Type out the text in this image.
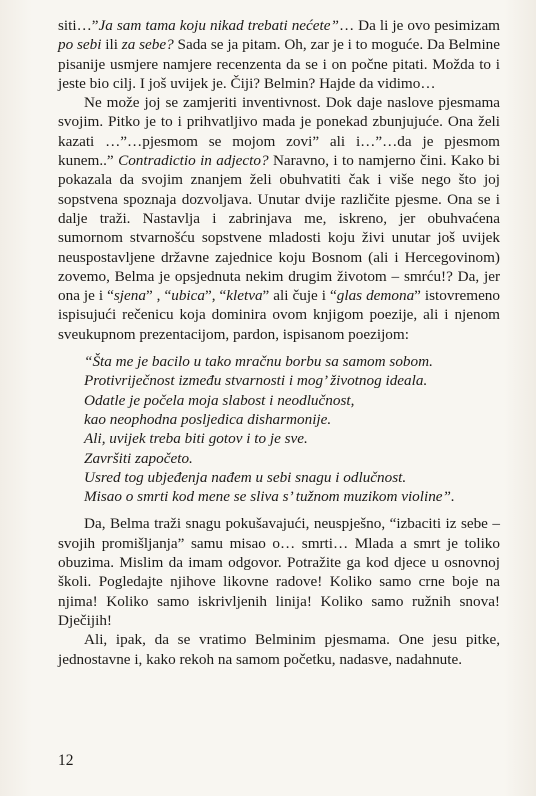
siti…”Ja sam tama koju nikad trebati nećete”… Da li je ovo pesimizam po sebi ili za sebe? Sada se ja pitam. Oh, zar je i to moguće. Da Belmine pisanije usmjere namjere recenzenta da se i on počne pitati. Možda to i jeste bio cilj. I još uvijek je. Čiji? Belmin? Hajde da vidimo…

Ne može joj se zamjeriti inventivnost. Dok daje naslove pjesmama svojim. Pitko je to i prihvatljivo mada je ponekad zbunjujuće. Ona želi kazati …”…pjesmom se mojom zovi” ali i…”…da je pjesmom kunem..” Contradictio in adjecto? Naravno, i to namjerno čini. Kako bi pokazala da svojim znanjem želi obuhvatiti čak i više nego što joj sopstvena spoznaja dozvoljava. Unutar dvije različite pjesme. Ona se i dalje traži. Nastavlja i zabrinjava me, iskreno, jer obuhvaćena sumornom stvarnošću sopstvene mladosti koju živi unutar još uvijek neuspostavljene državne zajednice koju Bosnom (ali i Hercegovinom) zovemo, Belma je opsjednuta nekim drugim životom – smrću!? Da, jer ona je i “sjena” , “ubica”, “kletva” ali čuje i “glas demona” istovremeno ispisujući rečenicu koja dominira ovom knjigom poezije, ali i njenom sveukupnom prezentacijom, pardon, ispisanom poezijom:

“Šta me je bacilo u tako mračnu borbu sa samom sobom.
Protivriječnost između stvarnosti i mog’ životnog ideala.
Odatle je počela moja slabost i neodlučnost,
kao neophodna posljedica disharmonije.
Ali, uvijek treba biti gotov i to je sve.
Završiti započeto.
Usred tog ubjeđenja nađem u sebi snagu i odlučnost.
Misao o smrti kod mene se sliva s’ tužnom muzikom violine”.

Da, Belma traži snagu pokušavajući, neuspješno, “izbaciti iz sebe – svojih promišljanja” samu misao o… smrti… Mlada a smrt je toliko obuzima. Mislim da imam odgovor. Potražite ga kod djece u osnovnoj školi. Pogledajte njihove likovne radove! Koliko samo crne boje na njima! Koliko samo iskrivljenih linija! Koliko samo ružnih snova! Dječijih!

Ali, ipak, da se vratimo Belminim pjesmama. One jesu pitke, jednostavne i, kako rekoh na samom početku, nadasve, nadahnute.

12
